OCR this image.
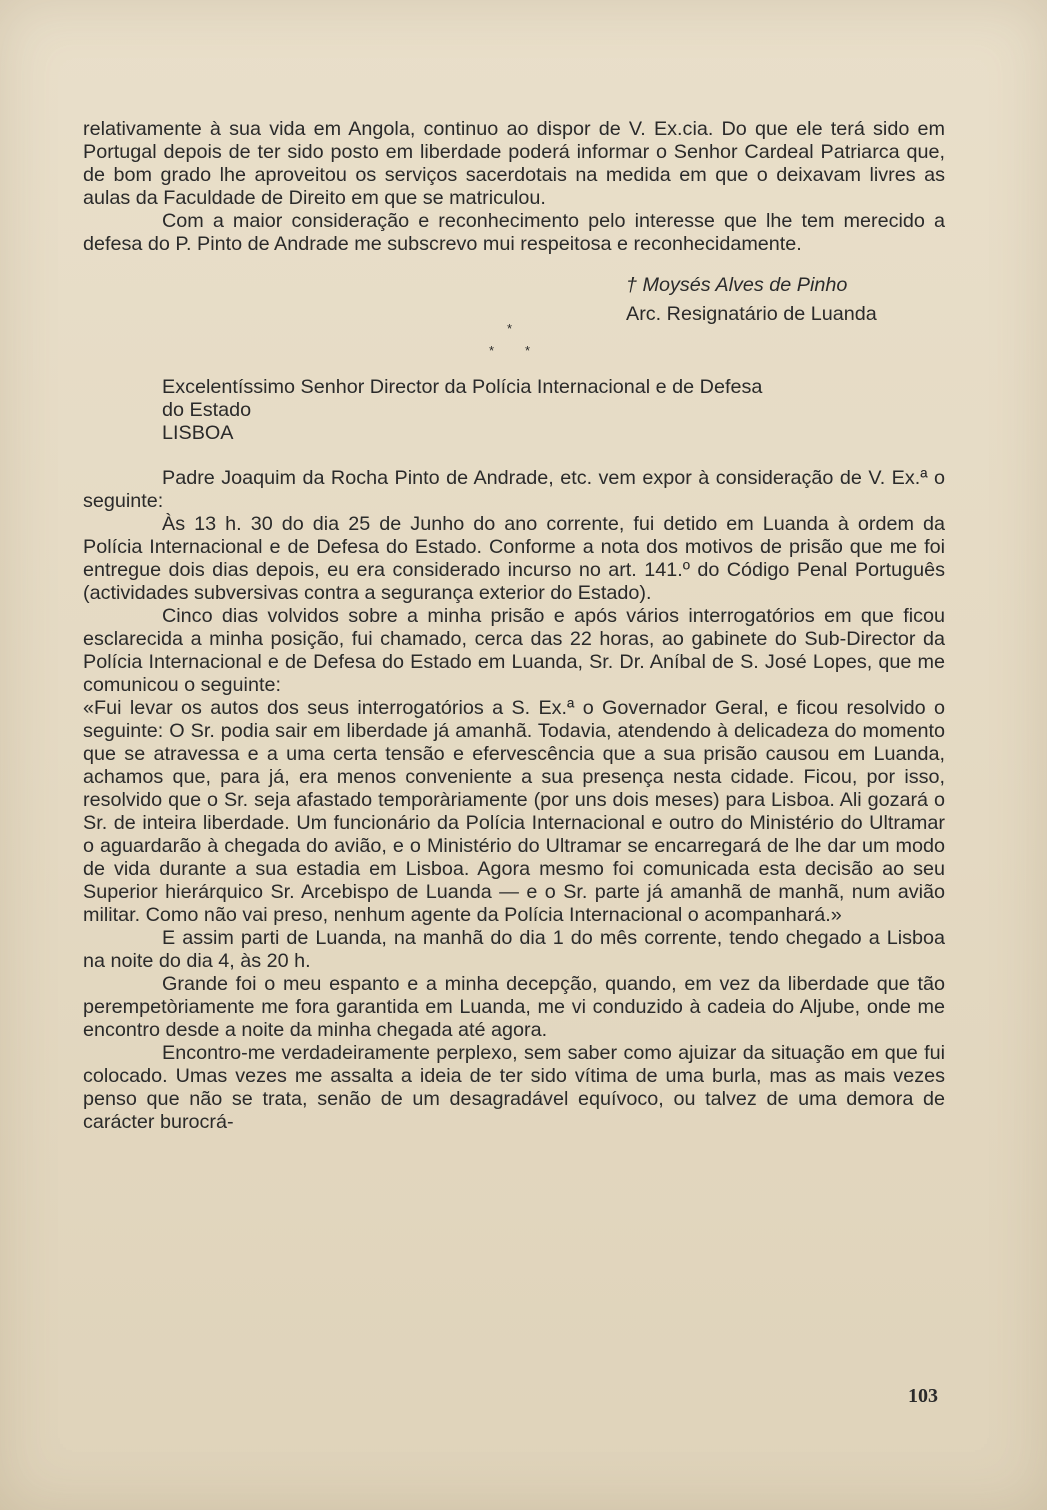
relativamente à sua vida em Angola, continuo ao dispor de V. Ex.cia. Do que ele terá sido em Portugal depois de ter sido posto em liberdade poderá informar o Senhor Cardeal Patriarca que, de bom grado lhe aproveitou os serviços sacerdotais na medida em que o deixavam livres as aulas da Faculdade de Direito em que se matriculou.

Com a maior consideração e reconhecimento pelo interesse que lhe tem merecido a defesa do P. Pinto de Andrade me subscrevo mui respeitosa e reconhecidamente.

† Moysés Alves de Pinho
Arc. Resignatário de Luanda
*
* *

Excelentíssimo Senhor Director da Polícia Internacional e de Defesa

do Estado

LISBOA

Padre Joaquim da Rocha Pinto de Andrade, etc. vem expor à consideração de V. Ex.ª o seguinte:

Às 13 h. 30 do dia 25 de Junho do ano corrente, fui detido em Luanda à ordem da Polícia Internacional e de Defesa do Estado. Conforme a nota dos motivos de prisão que me foi entregue dois dias depois, eu era considerado incurso no art. 141.º do Código Penal Português (actividades subversivas contra a segurança exterior do Estado).

Cinco dias volvidos sobre a minha prisão e após vários interrogatórios em que ficou esclarecida a minha posição, fui chamado, cerca das 22 horas, ao gabinete do Sub-Director da Polícia Internacional e de Defesa do Estado em Luanda, Sr. Dr. Aníbal de S. José Lopes, que me comunicou o seguinte:

«Fui levar os autos dos seus interrogatórios a S. Ex.ª o Governador Geral, e ficou resolvido o seguinte: O Sr. podia sair em liberdade já amanhã. Todavia, atendendo à delicadeza do momento que se atravessa e a uma certa tensão e efervescência que a sua prisão causou em Luanda, achamos que, para já, era menos conveniente a sua presença nesta cidade. Ficou, por isso, resolvido que o Sr. seja afastado temporàriamente (por uns dois meses) para Lisboa. Ali gozará o Sr. de inteira liberdade. Um funcionário da Polícia Internacional e outro do Ministério do Ultramar o aguardarão à chegada do avião, e o Ministério do Ultramar se encarregará de lhe dar um modo de vida durante a sua estadia em Lisboa. Agora mesmo foi comunicada esta decisão ao seu Superior hierárquico Sr. Arcebispo de Luanda — e o Sr. parte já amanhã de manhã, num avião militar. Como não vai preso, nenhum agente da Polícia Internacional o acompanhará.»

E assim parti de Luanda, na manhã do dia 1 do mês corrente, tendo chegado a Lisboa na noite do dia 4, às 20 h.

Grande foi o meu espanto e a minha decepção, quando, em vez da liberdade que tão perempetòriamente me fora garantida em Luanda, me vi conduzido à cadeia do Aljube, onde me encontro desde a noite da minha chegada até agora.

Encontro-me verdadeiramente perplexo, sem saber como ajuizar da situação em que fui colocado. Umas vezes me assalta a ideia de ter sido vítima de uma burla, mas as mais vezes penso que não se trata, senão de um desagradável equívoco, ou talvez de uma demora de carácter burocrá-

103
